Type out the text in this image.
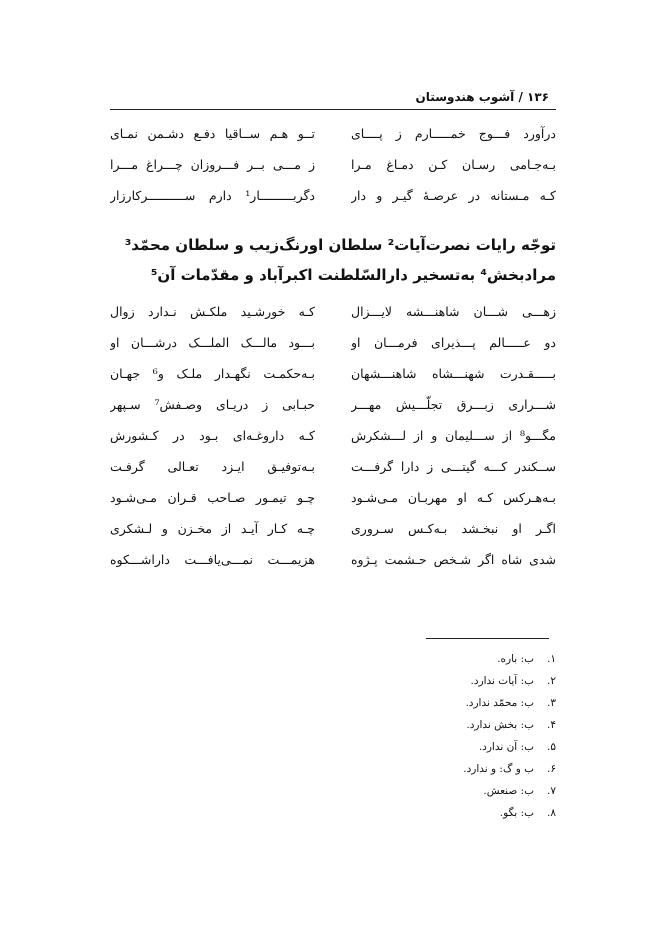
۱۳۶ / آشوب هندوستان
درآورد فـــوج خمـــــارم ز پــــای
تــو هـم ســاقیا دفـع دشـمن نمـای
بـه‌جـامی رسـان کـن دمـاغ مـرا
ز مـــی بــر فـــروزان چـــراغ مـــرا
کـه مـستانه در عرصـهٔ گیـر و دار
دگربـــــــــار¹ دارم ســــــــــرکارزار
توجّه رایات نصرت‌آیات² سلطان اورنگ‌زیب و سلطان محمّد³
مرادبخش⁴ به‌تسخیر دارالسّلطنت اکبرآباد و مقدّمات آن⁵
زهـــی شـــان شاهنـــشه لایـــزال
کـه خورشـید ملکـش نـدارد زوال
دو عـــــالم پـــذیرای فرمـــان او
بـــود مالـــک الملـــک درشـــان او
بـــــقـدرت شهنـــشاه شاهنـــشهان
بـه‌حکمـت نگهـدار ملـک و⁶ جهـان
شـــراری زبـــرق تجلّـــیش مهـــر
حبـابی ز دریـای وصـفش⁷ سـپهر
مگـــو⁸ از ســـلیمان و از لـــشکرش
کـه داروغـه‌ای بـود در کـشورش
ســکندر کـــه گیتـــی ز دارا گرفـــت
بـه‌توفیـق ایـزد تعـالی گرفـت
بـه‌هـرکس کـه او مهربـان مـی‌شـود
چـو تیمـور صـاحب قـران مـی‌شـود
اگـر او نبخـشد بـه‌کـس سـروری
چـه کـار آیـد از مخـزن و لـشکری
شدی شاه اگر شـخص حـشمت پـژوه
هزیمـــت نمـــی‌یافـــت داراشـــکوه
۱.ب: باره.
۲.ب: آیات ندارد.
۳.ب: محمّد ندارد.
۴.ب: بخش ندارد.
۵.ب: آن ندارد.
۶.ب و گ: و ندارد.
۷.ب: صنعش.
۸.ب: بگو.
